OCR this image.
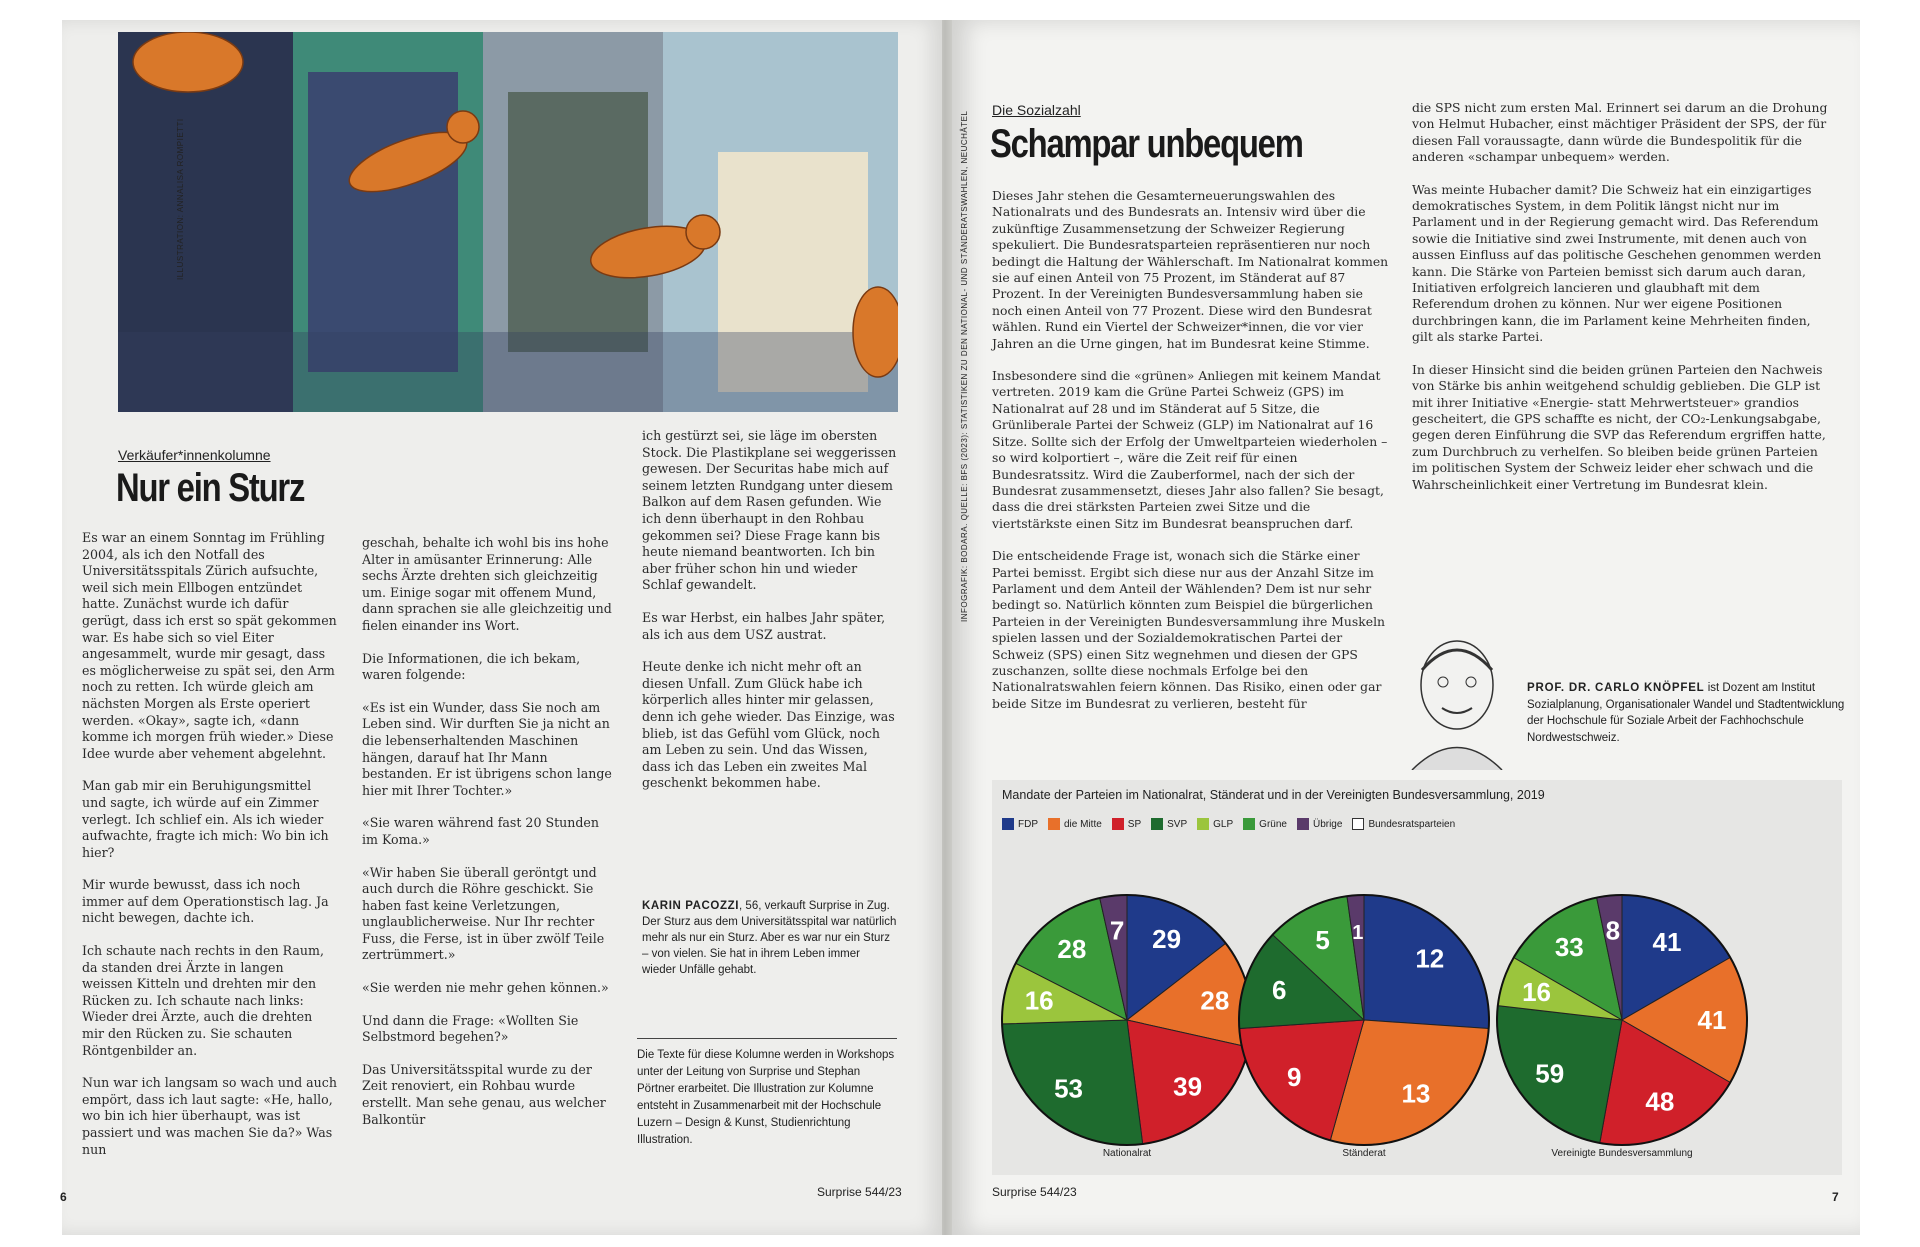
ILLUSTRATION: ANNALISA ROMPIETTI
Verkäufer*innenkolumne
Nur ein Sturz

Es war an einem Sonntag im Frühling 2004, als ich den Notfall des Universitätsspitals Zürich aufsuchte, weil sich mein Ellbogen entzündet hatte. Zunächst wurde ich dafür gerügt, dass ich erst so spät gekommen war. Es habe sich so viel Eiter angesammelt, wurde mir gesagt, dass es möglicherweise zu spät sei, den Arm noch zu retten. Ich würde gleich am nächsten Morgen als Erste operiert werden. «Okay», sagte ich, «dann komme ich morgen früh wieder.» Diese Idee wurde aber vehement abgelehnt.

Man gab mir ein Beruhigungsmittel und sagte, ich würde auf ein Zimmer verlegt. Ich schlief ein. Als ich wieder aufwachte, fragte ich mich: Wo bin ich hier?

Mir wurde bewusst, dass ich noch immer auf dem Operationstisch lag. Ja nicht bewegen, dachte ich.

Ich schaute nach rechts in den Raum, da standen drei Ärzte in langen weissen Kitteln und drehten mir den Rücken zu. Ich schaute nach links: Wieder drei Ärzte, auch die drehten mir den Rücken zu. Sie schauten Röntgenbilder an.

Nun war ich langsam so wach und auch empört, dass ich laut sagte: «He, hallo, wo bin ich hier überhaupt, was ist passiert und was machen Sie da?» Was nun

geschah, behalte ich wohl bis ins hohe Alter in amüsanter Erinnerung: Alle sechs Ärzte drehten sich gleichzeitig um. Einige sogar mit offenem Mund, dann sprachen sie alle gleichzeitig und fielen einander ins Wort.

Die Informationen, die ich bekam, waren folgende:

«Es ist ein Wunder, dass Sie noch am Leben sind. Wir durften Sie ja nicht an die lebenserhaltenden Maschinen hängen, darauf hat Ihr Mann bestanden. Er ist übrigens schon lange hier mit Ihrer Tochter.»

«Sie waren während fast 20 Stunden im Koma.»

«Wir haben Sie überall geröntgt und auch durch die Röhre geschickt. Sie haben fast keine Verletzungen, unglaublicherweise. Nur Ihr rechter Fuss, die Ferse, ist in über zwölf Teile zertrümmert.»

«Sie werden nie mehr gehen können.»

Und dann die Frage: «Wollten Sie Selbstmord begehen?»

Das Universitätsspital wurde zu der Zeit renoviert, ein Rohbau wurde erstellt. Man sehe genau, aus welcher Balkontür

ich gestürzt sei, sie läge im obersten Stock. Die Plastikplane sei weggerissen gewesen. Der Securitas habe mich auf seinem letzten Rundgang unter diesem Balkon auf dem Rasen gefunden. Wie ich denn überhaupt in den Rohbau gekommen sei? Diese Frage kann bis heute niemand beantworten. Ich bin aber früher schon hin und wieder Schlaf gewandelt.

Es war Herbst, ein halbes Jahr später, als ich aus dem USZ austrat.

Heute denke ich nicht mehr oft an diesen Unfall. Zum Glück habe ich körperlich alles hinter mir gelassen, denn ich gehe wieder. Das Einzige, was blieb, ist das Gefühl vom Glück, noch am Leben zu sein. Und das Wissen, dass ich das Leben ein zweites Mal geschenkt bekommen habe.

KARIN PACOZZI, 56, verkauft Surprise in Zug. Der Sturz aus dem Universitätsspital war natürlich mehr als nur ein Sturz. Aber es war nur ein Sturz – von vielen. Sie hat in ihrem Leben immer wieder Unfälle gehabt.
Die Texte für diese Kolumne werden in Workshops unter der Leitung von Surprise und Stephan Pörtner erarbeitet. Die Illustration zur Kolumne entsteht in Zusammenarbeit mit der Hochschule Luzern – Design & Kunst, Studienrichtung Illustration.
6	Surprise 544/23
INFOGRAFIK: BODARA. QUELLE: BFS (2023): STATISTIKEN ZU DEN NATIONAL- UND STÄNDERATSWAHLEN, NEUCHÂTEL
Die Sozialzahl
Schampar unbequem

Dieses Jahr stehen die Gesamterneuerungswahlen des Nationalrats und des Bundesrats an. Intensiv wird über die zukünftige Zusammensetzung der Schweizer Regierung spekuliert. Die Bundesratsparteien repräsentieren nur noch bedingt die Haltung der Wählerschaft. Im Nationalrat kommen sie auf einen Anteil von 75 Prozent, im Ständerat auf 87 Prozent. In der Vereinigten Bundesversammlung haben sie noch einen Anteil von 77 Prozent. Diese wird den Bundesrat wählen. Rund ein Viertel der Schweizer*innen, die vor vier Jahren an die Urne gingen, hat im Bundesrat keine Stimme.

Insbesondere sind die «grünen» Anliegen mit keinem Mandat vertreten. 2019 kam die Grüne Partei Schweiz (GPS) im Nationalrat auf 28 und im Ständerat auf 5 Sitze, die Grünliberale Partei der Schweiz (GLP) im Nationalrat auf 16 Sitze. Sollte sich der Erfolg der Umweltparteien wiederholen – so wird kolportiert –, wäre die Zeit reif für einen Bundesratssitz. Wird die Zauberformel, nach der sich der Bundesrat zusammensetzt, dieses Jahr also fallen? Sie besagt, dass die drei stärksten Parteien zwei Sitze und die viertstärkste einen Sitz im Bundesrat beanspruchen darf.

Die entscheidende Frage ist, wonach sich die Stärke einer Partei bemisst. Ergibt sich diese nur aus der Anzahl Sitze im Parlament und dem Anteil der Wählenden? Dem ist nur sehr bedingt so. Natürlich könnten zum Beispiel die bürgerlichen Parteien in der Vereinigten Bundesversammlung ihre Muskeln spielen lassen und der Sozialdemokratischen Partei der Schweiz (SPS) einen Sitz wegnehmen und diesen der GPS zuschanzen, sollte diese nochmals Erfolge bei den Nationalratswahlen feiern können. Das Risiko, einen oder gar beide Sitze im Bundesrat zu verlieren, besteht für

die SPS nicht zum ersten Mal. Erinnert sei darum an die Drohung von Helmut Hubacher, einst mächtiger Präsident der SPS, der für diesen Fall voraussagte, dann würde die Bundespolitik für die anderen «schampar unbequem» werden.

Was meinte Hubacher damit? Die Schweiz hat ein einzigartiges demokratisches System, in dem Politik längst nicht nur im Parlament und in der Regierung gemacht wird. Das Referendum sowie die Initiative sind zwei Instrumente, mit denen auch von aussen Einfluss auf das politische Geschehen genommen werden kann. Die Stärke von Parteien bemisst sich darum auch daran, Initiativen erfolgreich lancieren und glaubhaft mit dem Referendum drohen zu können. Nur wer eigene Positionen durchbringen kann, die im Parlament keine Mehrheiten finden, gilt als starke Partei.

In dieser Hinsicht sind die beiden grünen Parteien den Nachweis von Stärke bis anhin weitgehend schuldig geblieben. Die GLP ist mit ihrer Initiative «Energie- statt Mehrwertsteuer» grandios gescheitert, die GPS schaffte es nicht, der CO₂-Lenkungsabgabe, gegen deren Einführung die SVP das Referendum ergriffen hatte, zum Durchbruch zu verhelfen. So bleiben beide grünen Parteien im politischen System der Schweiz leider eher schwach und die Wahrscheinlichkeit einer Vertretung im Bundesrat klein.

PROF. DR. CARLO KNÖPFEL ist Dozent am Institut Sozialplanung, Organisationaler Wandel und Stadtentwicklung der Hochschule für Soziale Arbeit der Fachhochschule Nordwestschweiz.
Mandate der Parteien im Nationalrat, Ständerat und in der Vereinigten Bundesversammlung, 2019
FDP	die Mitte	SP	SVP	GLP	Grüne	Übrige	Bundesratsparteien
29
28
39
53
16
28
7
12
13
9
6
5 1	41
41
48
59
16
33
8
Nationalrat	Ständerat	Vereinigte Bundesversammlung
Surprise 544/23	7
